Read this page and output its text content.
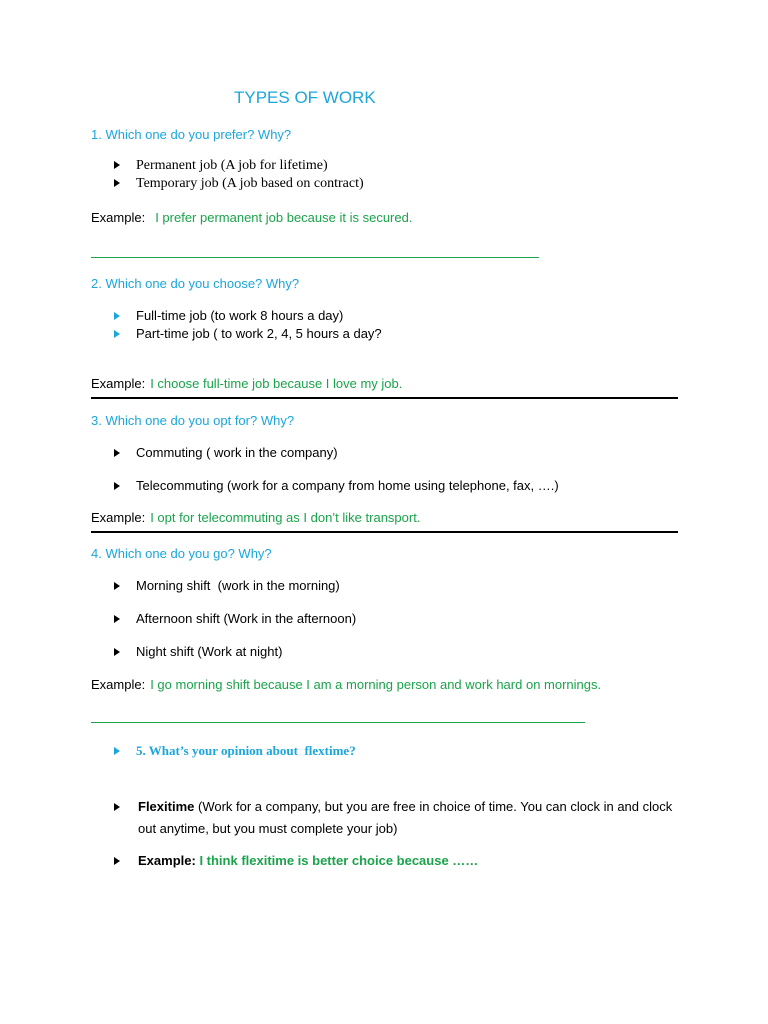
TYPES OF WORK
1. Which one do you prefer? Why?
Permanent job (A job for lifetime)
Temporary job (A job based on contract)
Example: I prefer permanent job because it is secured.
2. Which one do you choose? Why?
Full-time job (to work 8 hours a day)
Part-time job ( to work 2, 4, 5 hours a day?
Example: I choose full-time job because I love my job.
3. Which one do you opt for? Why?
Commuting ( work in the company)
Telecommuting (work for a company from home using telephone, fax, ….)
Example: I opt for telecommuting as I don’t like transport.
4. Which one do you go? Why?
Morning shift  (work in the morning)
Afternoon shift (Work in the afternoon)
Night shift (Work at night)
Example: I go morning shift because I am a morning person and work hard on mornings.
5. What’s your opinion about  flextime?
Flexitime (Work for a company, but you are free in choice of time. You can clock in and clock out anytime, but you must complete your job)
Example: I think flexitime is better choice because ……
